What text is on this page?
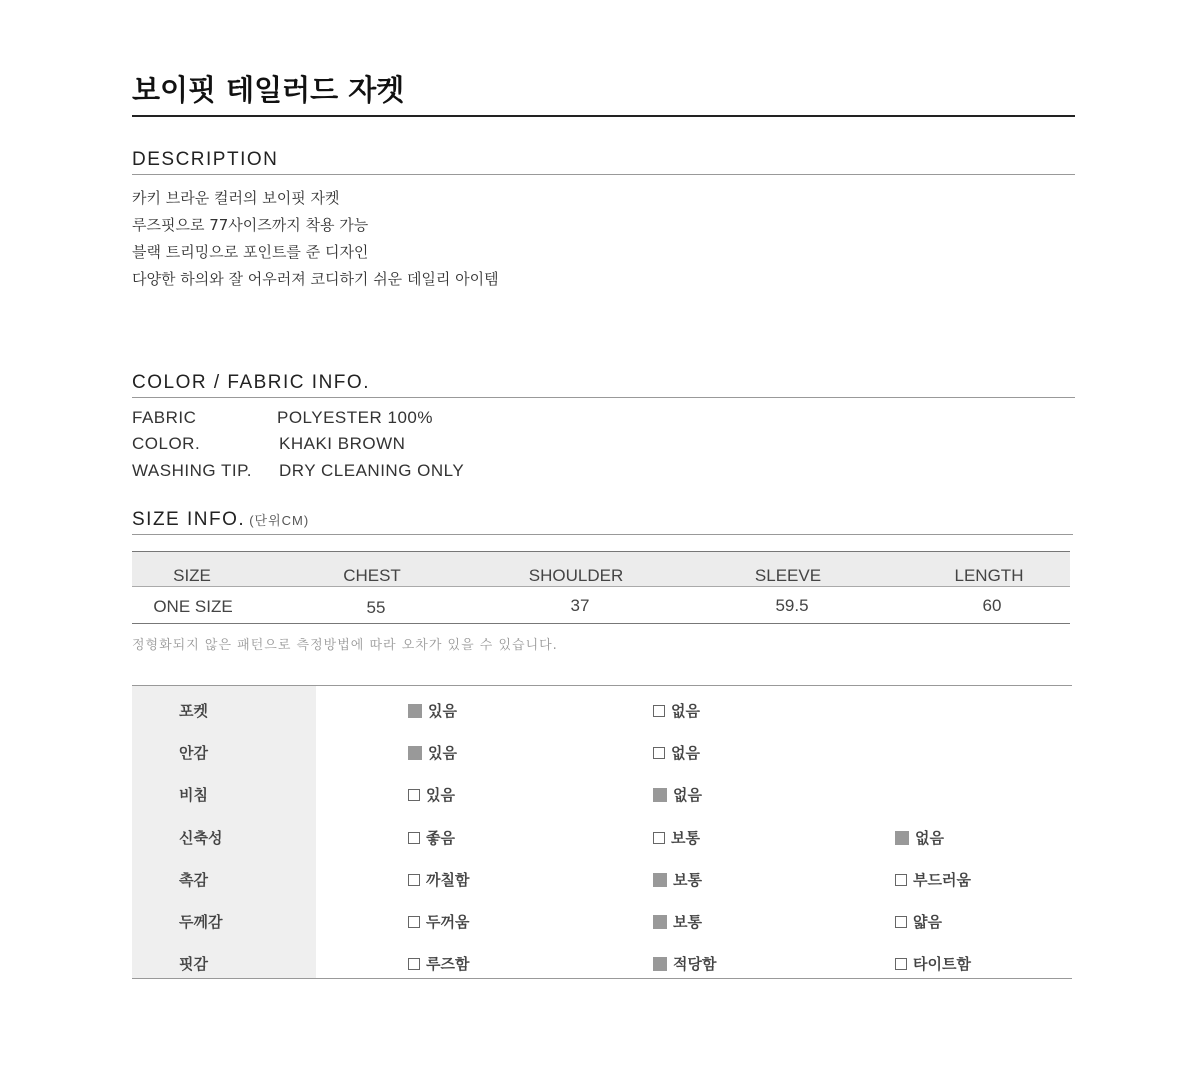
보이핏 테일러드 자켓
DESCRIPTION
카키 브라운 컬러의 보이핏 자켓
루즈핏으로 77사이즈까지 착용 가능
블랙 트리밍으로 포인트를 준 디자인
다양한 하의와 잘 어우러져 코디하기 쉬운 데일리 아이템
COLOR / FABRIC INFO.
FABRIC	POLYESTER 100%
COLOR.	KHAKI BROWN
WASHING TIP. DRY CLEANING ONLY
SIZE INFO. (단위CM)
SIZE	CHEST	SHOULDER	SLEEVE	LENGTH
ONE SIZE	55	37	59.5	60
정형화되지 않은 패턴으로 측정방법에 따라 오차가 있을 수 있습니다.
포켓	있음	없음
안감	있음	없음
비침	있음	없음
신축성	좋음	보통	없음
촉감	까칠함	보통	부드러움
두께감	두꺼움	보통	얇음
핏감	루즈함	적당함	타이트함
